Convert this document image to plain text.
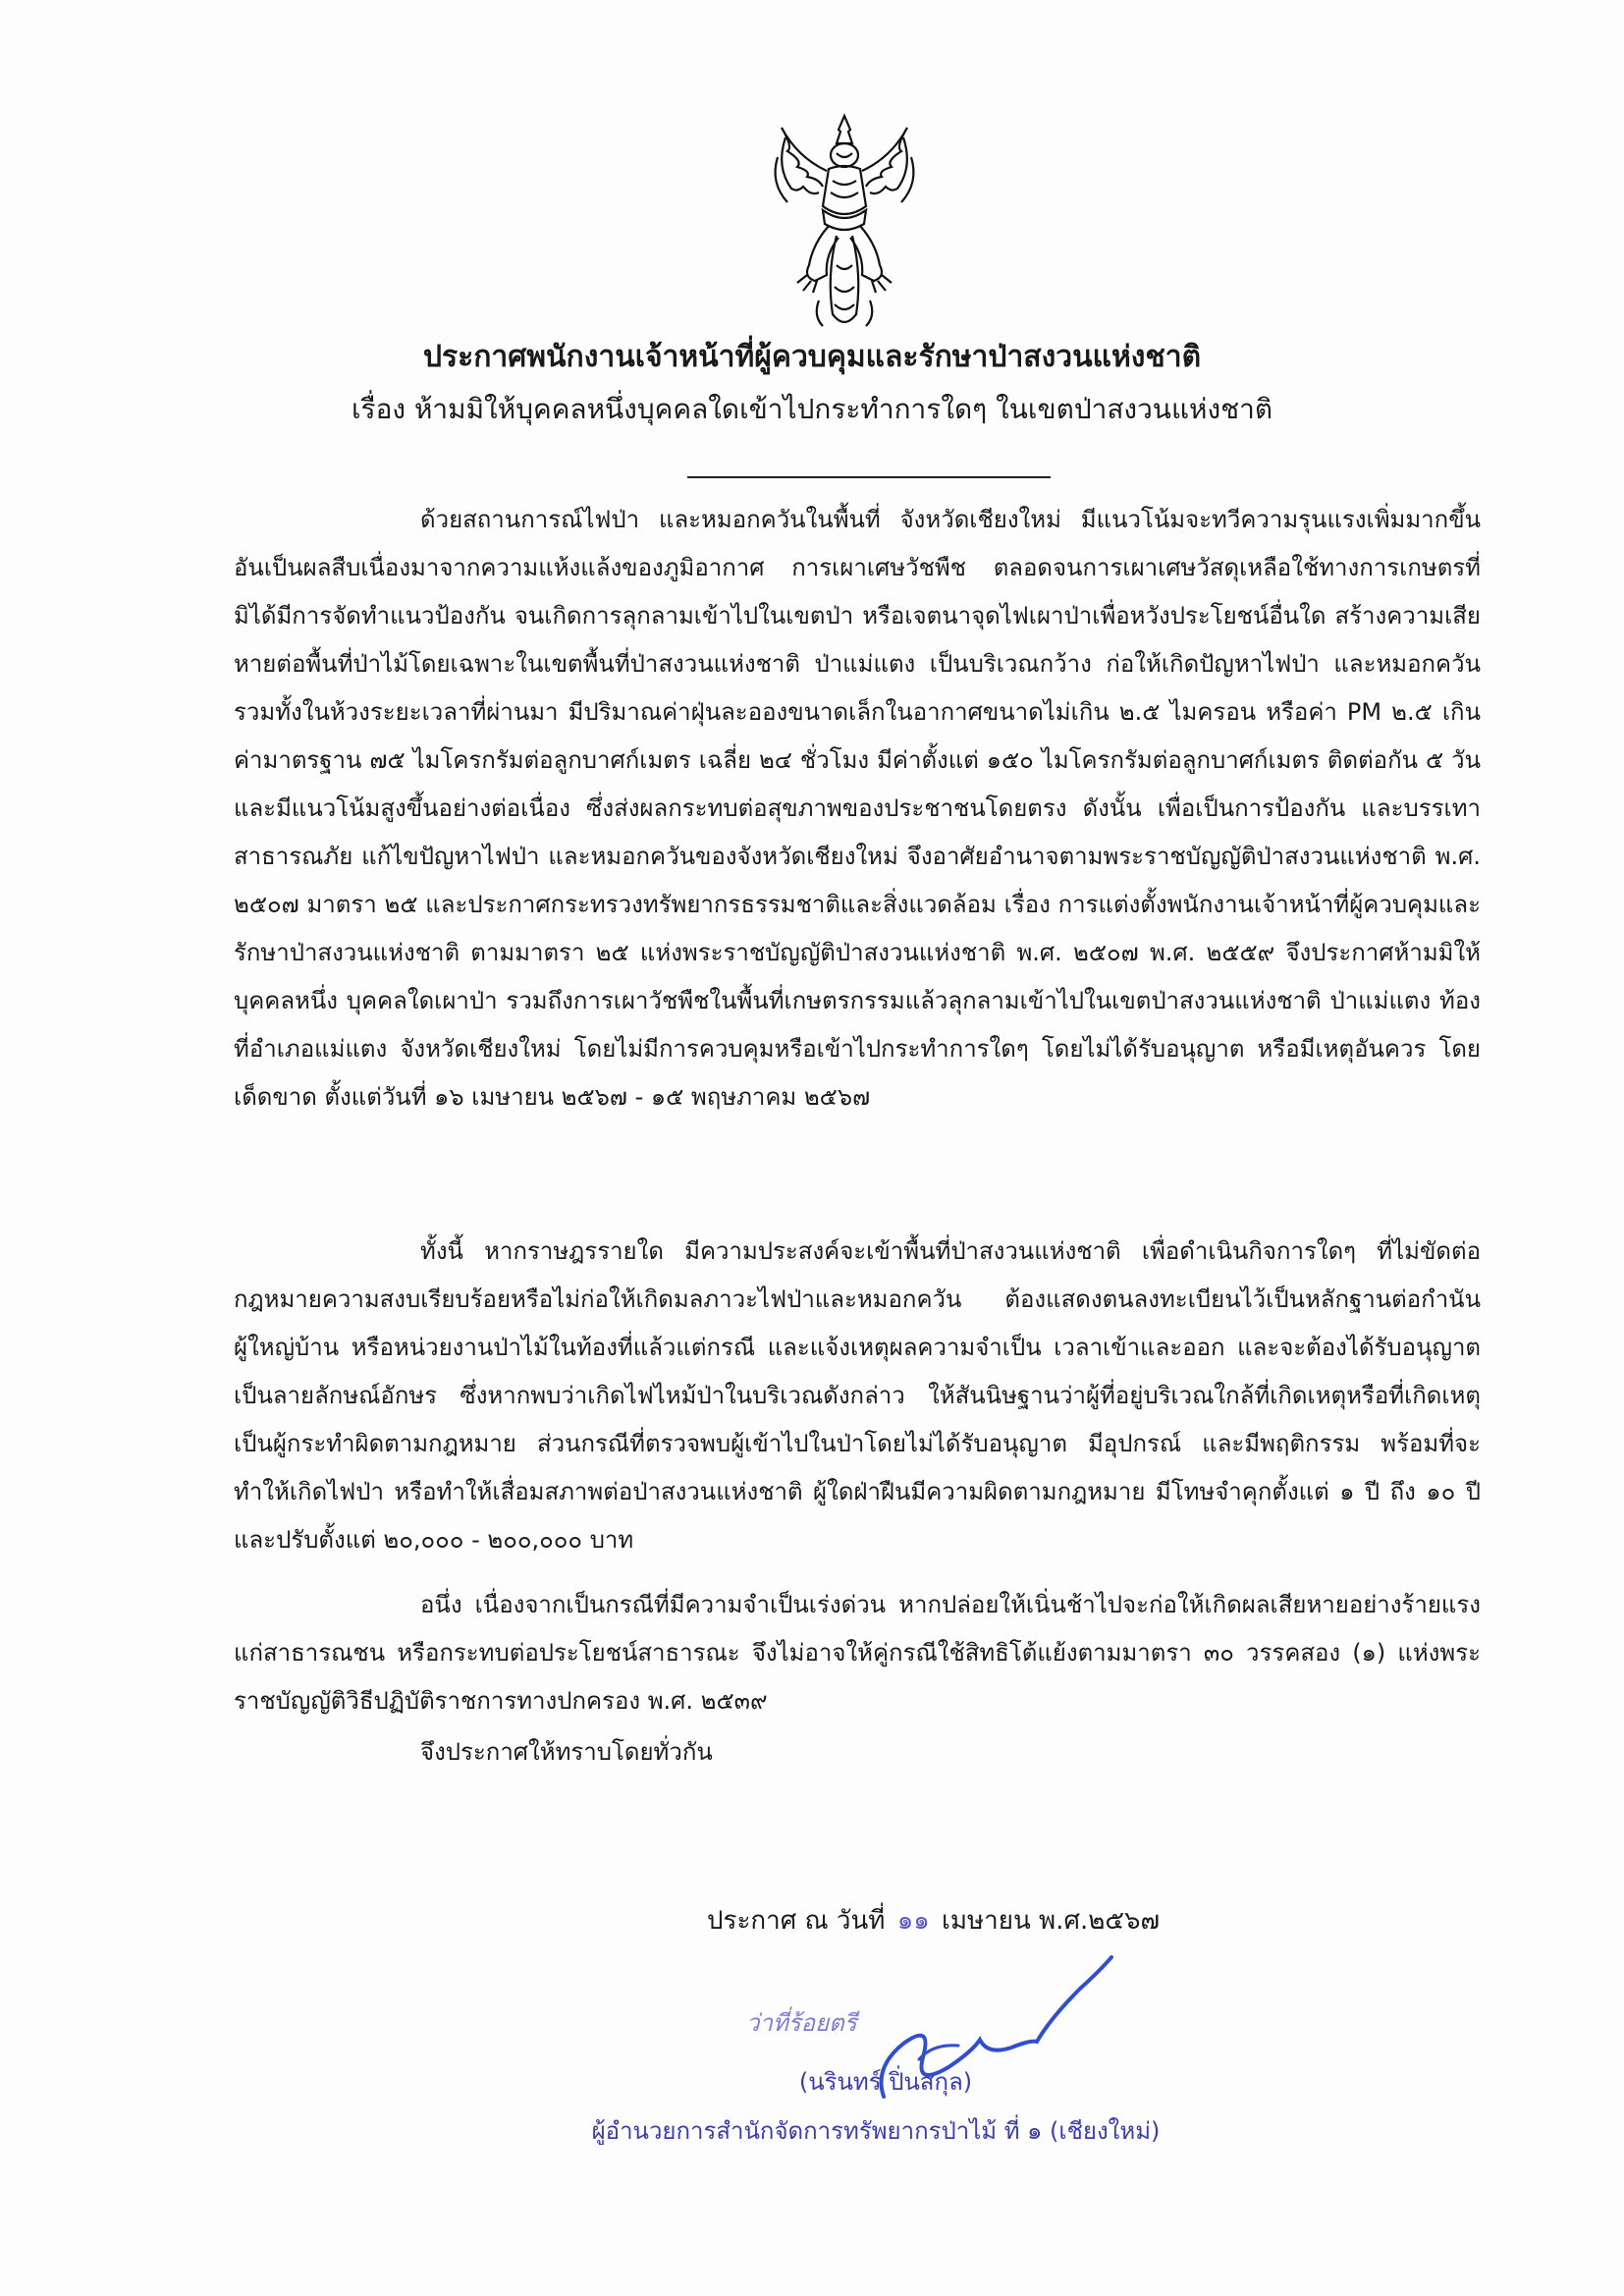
ประกาศพนักงานเจ้าหน้าที่ผู้ควบคุมและรักษาป่าสงวนแห่งชาติ
เรื่อง ห้ามมิให้บุคคลหนึ่งบุคคลใดเข้าไปกระทำการใดๆ ในเขตป่าสงวนแห่งชาติ

ด้วยสถานการณ์ไฟป่า และหมอกควันในพื้นที่ จังหวัดเชียงใหม่ มีแนวโน้มจะทวีความรุนแรงเพิ่มมากขึ้น อันเป็นผลสืบเนื่องมาจากความแห้งแล้งของภูมิอากาศ การเผาเศษวัชพืช ตลอดจนการเผาเศษวัสดุเหลือใช้ทางการเกษตรที่มิได้มีการจัดทำแนวป้องกัน จนเกิดการลุกลามเข้าไปในเขตป่า หรือเจตนาจุดไฟเผาป่าเพื่อหวังประโยชน์อื่นใด สร้างความเสียหายต่อพื้นที่ป่าไม้โดยเฉพาะในเขตพื้นที่ป่าสงวนแห่งชาติ ป่าแม่แตง เป็นบริเวณกว้าง ก่อให้เกิดปัญหาไฟป่า และหมอกควัน รวมทั้งในห้วงระยะเวลาที่ผ่านมา มีปริมาณค่าฝุ่นละอองขนาดเล็กในอากาศขนาดไม่เกิน ๒.๕ ไมครอน หรือค่า PM ๒.๕ เกินค่ามาตรฐาน ๗๕ ไมโครกรัมต่อลูกบาศก์เมตร เฉลี่ย ๒๔ ชั่วโมง มีค่าตั้งแต่ ๑๕๐ ไมโครกรัมต่อลูกบาศก์เมตร ติดต่อกัน ๕ วัน และมีแนวโน้มสูงขึ้นอย่างต่อเนื่อง ซึ่งส่งผลกระทบต่อสุขภาพของประชาชนโดยตรง ดังนั้น เพื่อเป็นการป้องกัน และบรรเทาสาธารณภัย แก้ไขปัญหาไฟป่า และหมอกควันของจังหวัดเชียงใหม่ จึงอาศัยอำนาจตามพระราชบัญญัติป่าสงวนแห่งชาติ พ.ศ. ๒๕๐๗ มาตรา ๒๕ และประกาศกระทรวงทรัพยากรธรรมชาติและสิ่งแวดล้อม เรื่อง การแต่งตั้งพนักงานเจ้าหน้าที่ผู้ควบคุมและรักษาป่าสงวนแห่งชาติ ตามมาตรา ๒๕ แห่งพระราชบัญญัติป่าสงวนแห่งชาติ พ.ศ. ๒๕๐๗ พ.ศ. ๒๕๕๙ จึงประกาศห้ามมิให้บุคคลหนึ่ง บุคคลใดเผาป่า รวมถึงการเผาวัชพืชในพื้นที่เกษตรกรรมแล้วลุกลามเข้าไปในเขตป่าสงวนแห่งชาติ ป่าแม่แตง ท้องที่อำเภอแม่แตง จังหวัดเชียงใหม่ โดยไม่มีการควบคุมหรือเข้าไปกระทำการใดๆ โดยไม่ได้รับอนุญาต หรือมีเหตุอันควร โดยเด็ดขาด ตั้งแต่วันที่ ๑๖ เมษายน ๒๕๖๗ - ๑๕ พฤษภาคม ๒๕๖๗

ทั้งนี้ หากราษฎรรายใด มีความประสงค์จะเข้าพื้นที่ป่าสงวนแห่งชาติ เพื่อดำเนินกิจการใดๆ ที่ไม่ขัดต่อกฎหมายความสงบเรียบร้อยหรือไม่ก่อให้เกิดมลภาวะไฟป่าและหมอกควัน ต้องแสดงตนลงทะเบียนไว้เป็นหลักฐานต่อกำนัน ผู้ใหญ่บ้าน หรือหน่วยงานป่าไม้ในท้องที่แล้วแต่กรณี และแจ้งเหตุผลความจำเป็น เวลาเข้าและออก และจะต้องได้รับอนุญาตเป็นลายลักษณ์อักษร ซึ่งหากพบว่าเกิดไฟไหม้ป่าในบริเวณดังกล่าว ให้สันนิษฐานว่าผู้ที่อยู่บริเวณใกล้ที่เกิดเหตุหรือที่เกิดเหตุ เป็นผู้กระทำผิดตามกฎหมาย ส่วนกรณีที่ตรวจพบผู้เข้าไปในป่าโดยไม่ได้รับอนุญาต มีอุปกรณ์ และมีพฤติกรรม พร้อมที่จะทำให้เกิดไฟป่า หรือทำให้เสื่อมสภาพต่อป่าสงวนแห่งชาติ ผู้ใดฝ่าฝืนมีความผิดตามกฎหมาย มีโทษจำคุกตั้งแต่ ๑ ปี ถึง ๑๐ ปี และปรับตั้งแต่ ๒๐,๐๐๐ - ๒๐๐,๐๐๐ บาท

อนึ่ง เนื่องจากเป็นกรณีที่มีความจำเป็นเร่งด่วน หากปล่อยให้เนิ่นช้าไปจะก่อให้เกิดผลเสียหายอย่างร้ายแรง แก่สาธารณชน หรือกระทบต่อประโยชน์สาธารณะ จึงไม่อาจให้คู่กรณีใช้สิทธิโต้แย้งตามมาตรา ๓๐ วรรคสอง (๑) แห่งพระราชบัญญัติวิธีปฏิบัติราชการทางปกครอง พ.ศ. ๒๕๓๙

จึงประกาศให้ทราบโดยทั่วกัน

ประกาศ ณ วันที่ ๑๑ เมษายน พ.ศ.๒๕๖๗
ว่าที่ร้อยตรี
(นรินทร์ ปิ่นสกุล)
ผู้อำนวยการสำนักจัดการทรัพยากรป่าไม้ ที่ ๑ (เชียงใหม่)
